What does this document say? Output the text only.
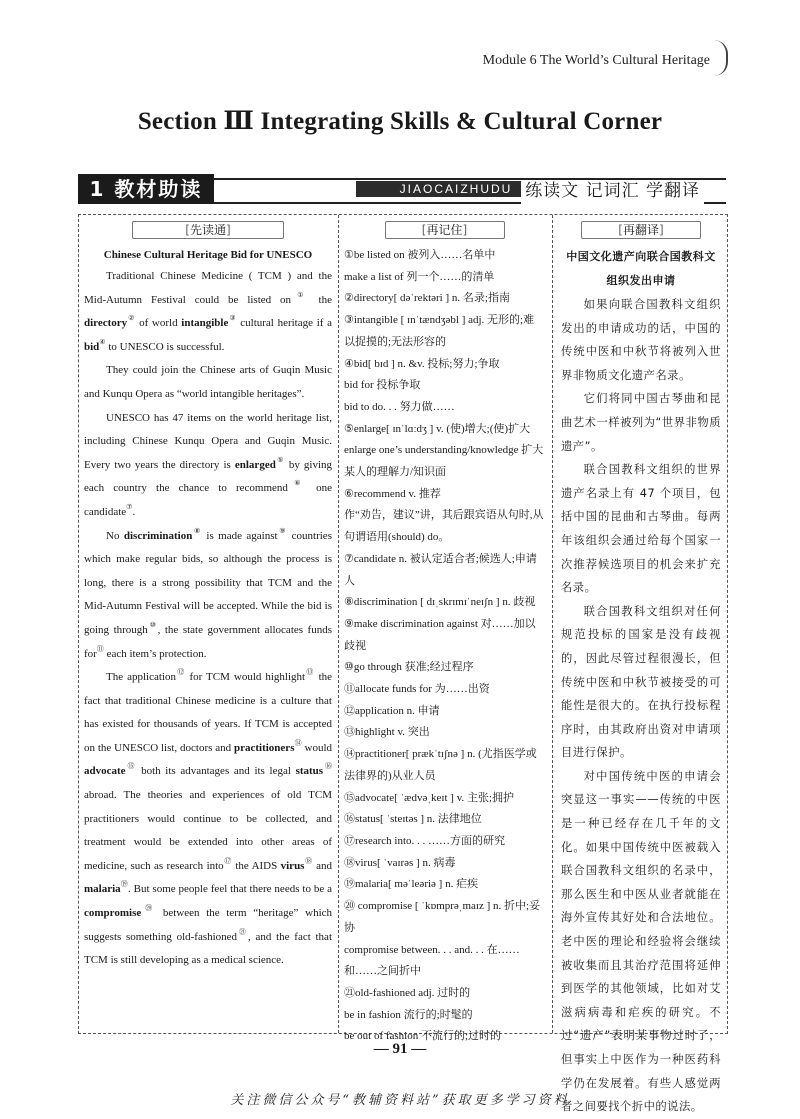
Module 6 The World’s Cultural Heritage
Section Ⅲ Integrating Skills & Cultural Corner
JIAOCAIZHUDU 练读文 记词汇 学翻译
1 教材助读
[先读通]

Chinese Cultural Heritage Bid for UNESCO

Traditional Chinese Medicine ( TCM ) and the Mid-Autumn Festival could be listed on① the directory② of world intangible③ cultural heritage if a bid④ to UNESCO is successful.

They could join the Chinese arts of Guqin Music and Kunqu Opera as “world intangible heritages”.

UNESCO has 47 items on the world heritage list, including Chinese Kunqu Opera and Guqin Music. Every two years the directory is enlarged⑤ by giving each country the chance to recommend⑥ one candidate⑦.

No discrimination⑧ is made against⑨ countries which make regular bids, so although the process is long, there is a strong possibility that TCM and the Mid-Autumn Festival will be accepted. While the bid is going through⑩, the state government allocates funds for⑪ each item’s protection.

The application⑫ for TCM would highlight⑬ the fact that traditional Chinese medicine is a culture that has existed for thousands of years. If TCM is accepted on the UNESCO list, doctors and practitioners⑭ would advocate⑮ both its advantages and its legal status⑯ abroad. The theories and experiences of old TCM practitioners would continue to be collected, and treatment would be extended into other areas of medicine, such as research into⑰ the AIDS virus⑱ and malaria⑲. But some people feel that there needs to be a compromise⑳ between the term “heritage” which suggests something old-fashioned$^㉑$, and the fact that TCM is still developing as a medical science.

[再记住]

①be listed on 被列入……名单中

make a list of 列一个……的清单

②directory[ dəˈrektəri ] n. 名录;指南

③intangible [ ɪnˈtændʒəbl ] adj. 无形的;难以捉摸的;无法形容的

④bid[ bɪd ] n. &v. 投标;努力;争取

bid for 投标争取

bid to do. . . 努力做……

⑤enlarge[ ɪnˈlɑːdʒ ] v. (使)增大;(使)扩大

enlarge one’s understanding/knowledge 扩大某人的理解力/知识面

⑥recommend v. 推荐

作“劝告，建议”讲，其后跟宾语从句时,从句谓语用(should) do。

⑦candidate n. 被认定适合者;候选人;申请人

⑧discrimination [ dɪˌskrɪmɪˈneɪʃn ] n. 歧视

⑨make discrimination against 对……加以歧视

⑩go through 获准;经过程序

⑪allocate funds for 为……出资

⑫application n. 申请

⑬highlight v. 突出

⑭practitioner[ prækˈtɪʃnə ] n. (尤指医学或法律界的)从业人员

⑮advocate[ ˈædvəˌkeɪt ] v. 主张;拥护

⑯status[ ˈsteɪtəs ] n. 法律地位

⑰research into. . . ……方面的研究

⑱virus[ ˈvaɪrəs ] n. 病毒

⑲malaria[ məˈleəriə ] n. 疟疾

⑳ compromise [ ˈkɒmprəˌmaɪz ] n. 折中;妥协

compromise between. . . and. . . 在……和……之间折中

㉑old-fashioned adj. 过时的

be in fashion 流行的;时髦的

be out of fashion 不流行的;过时的

[再翻译]

中国文化遗产向联合国教科文组织发出申请

如果向联合国教科文组织发出的申请成功的话，中国的传统中医和中秋节将被列入世界非物质文化遗产名录。

它们将同中国古琴曲和昆曲艺术一样被列为“世界非物质遗产”。

联合国教科文组织的世界遗产名录上有 47 个项目，包括中国的昆曲和古琴曲。每两年该组织会通过给每个国家一次推荐候选项目的机会来扩充名录。

联合国教科文组织对任何规范投标的国家是没有歧视的，因此尽管过程很漫长，但传统中医和中秋节被接受的可能性是很大的。在执行投标程序时，由其政府出资对申请项目进行保护。

对中国传统中医的申请会突显这一事实——传统的中医是一种已经存在几千年的文化。如果中国传统中医被载入联合国教科文组织的名录中，那么医生和中医从业者就能在海外宣传其好处和合法地位。老中医的理论和经验将会继续被收集而且其治疗范围将延伸到医学的其他领域，比如对艾滋病病毒和疟疾的研究。不过“遗产”表明某事物过时了，但事实上中医作为一种医药科学仍在发展着。有些人感觉两者之间要找个折中的说法。

— 91 —
关注微信公众号“教辅资料站”获取更多学习资料
